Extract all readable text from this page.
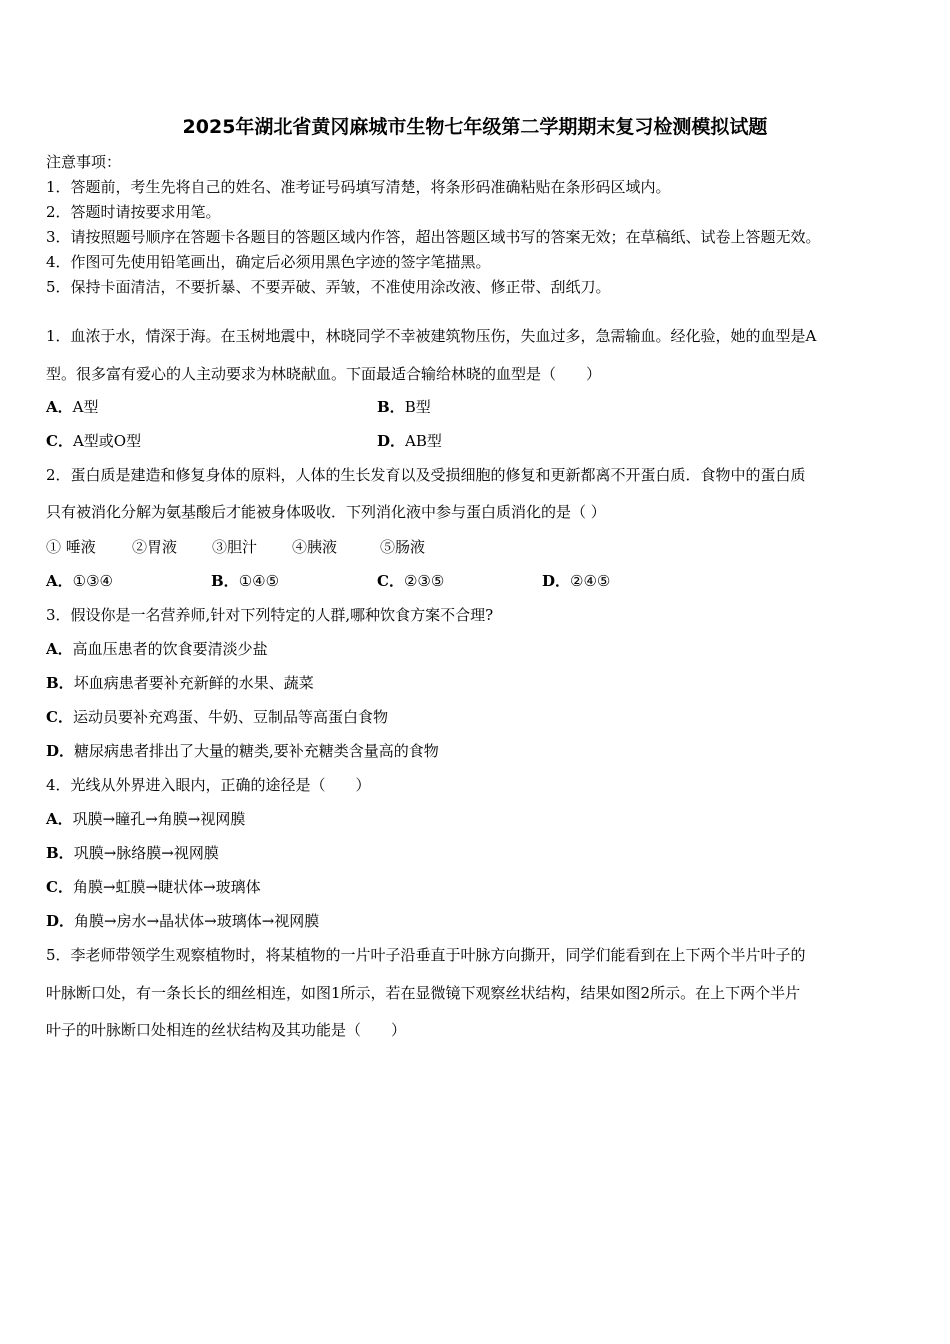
2025年湖北省黄冈麻城市生物七年级第二学期期末复习检测模拟试题
注意事项：
1．答题前，考生先将自己的姓名、准考证号码填写清楚，将条形码准确粘贴在条形码区域内。
2．答题时请按要求用笔。
3．请按照题号顺序在答题卡各题目的答题区域内作答，超出答题区域书写的答案无效；在草稿纸、试卷上答题无效。
4．作图可先使用铅笔画出，确定后必须用黑色字迹的签字笔描黑。
5．保持卡面清洁，不要折暴、不要弄破、弄皱，不准使用涂改液、修正带、刮纸刀。
1．血浓于水，情深于海。在玉树地震中，林晓同学不幸被建筑物压伤，失血过多，急需输血。经化验，她的血型是A
型。很多富有爱心的人主动要求为林晓献血。下面最适合输给林晓的血型是（　　）
A．A型	B．B型
C．A型或O型	D．AB型
2．蛋白质是建造和修复身体的原料，人体的生长发育以及受损细胞的修复和更新都离不开蛋白质．食物中的蛋白质
只有被消化分解为氨基酸后才能被身体吸收．下列消化液中参与蛋白质消化的是（ ）
① 唾液 ②胃液 ③胆汁 ④胰液	⑤肠液
A．①③④	B．①④⑤	C．②③⑤	D．②④⑤
3．假设你是一名营养师,针对下列特定的人群,哪种饮食方案不合理?
A．高血压患者的饮食要清淡少盐
B．坏血病患者要补充新鲜的水果、蔬菜
C．运动员要补充鸡蛋、牛奶、豆制品等高蛋白食物
D．糖尿病患者排出了大量的糖类,要补充糖类含量高的食物
4．光线从外界进入眼内，正确的途径是（　　）
A．巩膜→瞳孔→角膜→视网膜
B．巩膜→脉络膜→视网膜
C．角膜→虹膜→睫状体→玻璃体
D．角膜→房水→晶状体→玻璃体→视网膜
5．李老师带领学生观察植物时，将某植物的一片叶子沿垂直于叶脉方向撕开，同学们能看到在上下两个半片叶子的
叶脉断口处，有一条长长的细丝相连，如图1所示，若在显微镜下观察丝状结构，结果如图2所示。在上下两个半片
叶子的叶脉断口处相连的丝状结构及其功能是（　　）
